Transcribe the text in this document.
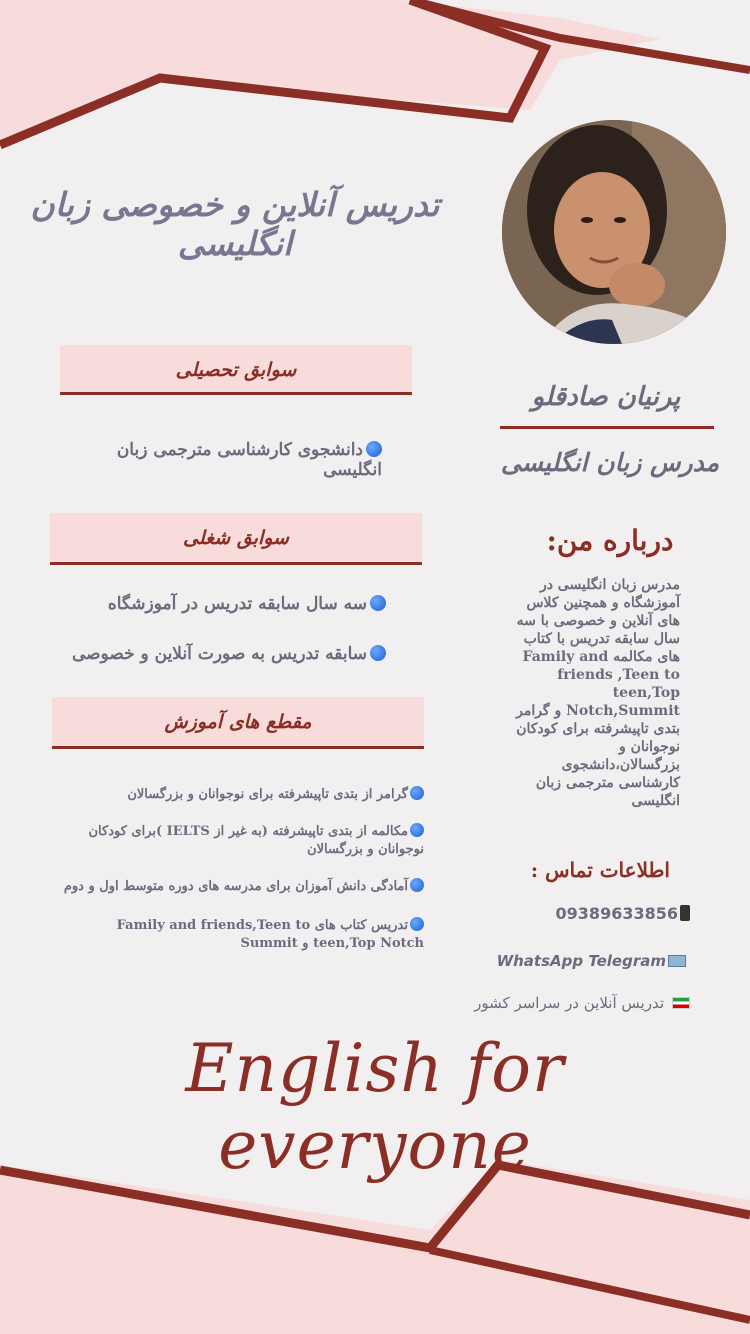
تدریس آنلاین و خصوصی زبان انگلیسی
پرنیان صادقلو
مدرس زبان انگلیسی
درباره من:
مدرس زبان انگلیسی در آموزشگاه و همچنین کلاس های آنلاین و خصوصی با سه سال سابقه تدریس با کتاب های مکالمه Family and friends ,Teen to teen,Top Notch,Summit و گرامر بتدی تاپیشرفته برای کودکان نوجوانان و بزرگسالان،دانشجوی کارشناسی مترجمی زبان انگلیسی
اطلاعات تماس :
09389633856
WhatsApp Telegram
تدریس آنلاین در سراسر کشور
سوابق تحصیلی
دانشجوی کارشناسی مترجمی زبان انگلیسی
سوابق شغلی
سه سال سابقه تدریس در آموزشگاه
سابقه تدریس به صورت آنلاین و خصوصی
مقطع های آموزش
گرامر از بتدی تاپیشرفته برای نوجوانان و بزرگسالان
مکالمه از بتدی تاپیشرفته (به غیر از IELTS )برای کودکان نوجوانان و بزرگسالان
آمادگی دانش آموزان برای مدرسه های دوره متوسط اول و دوم
تدریس کتاب های Family and friends,Teen to teen,Top Notch و Summit
English for everyone
